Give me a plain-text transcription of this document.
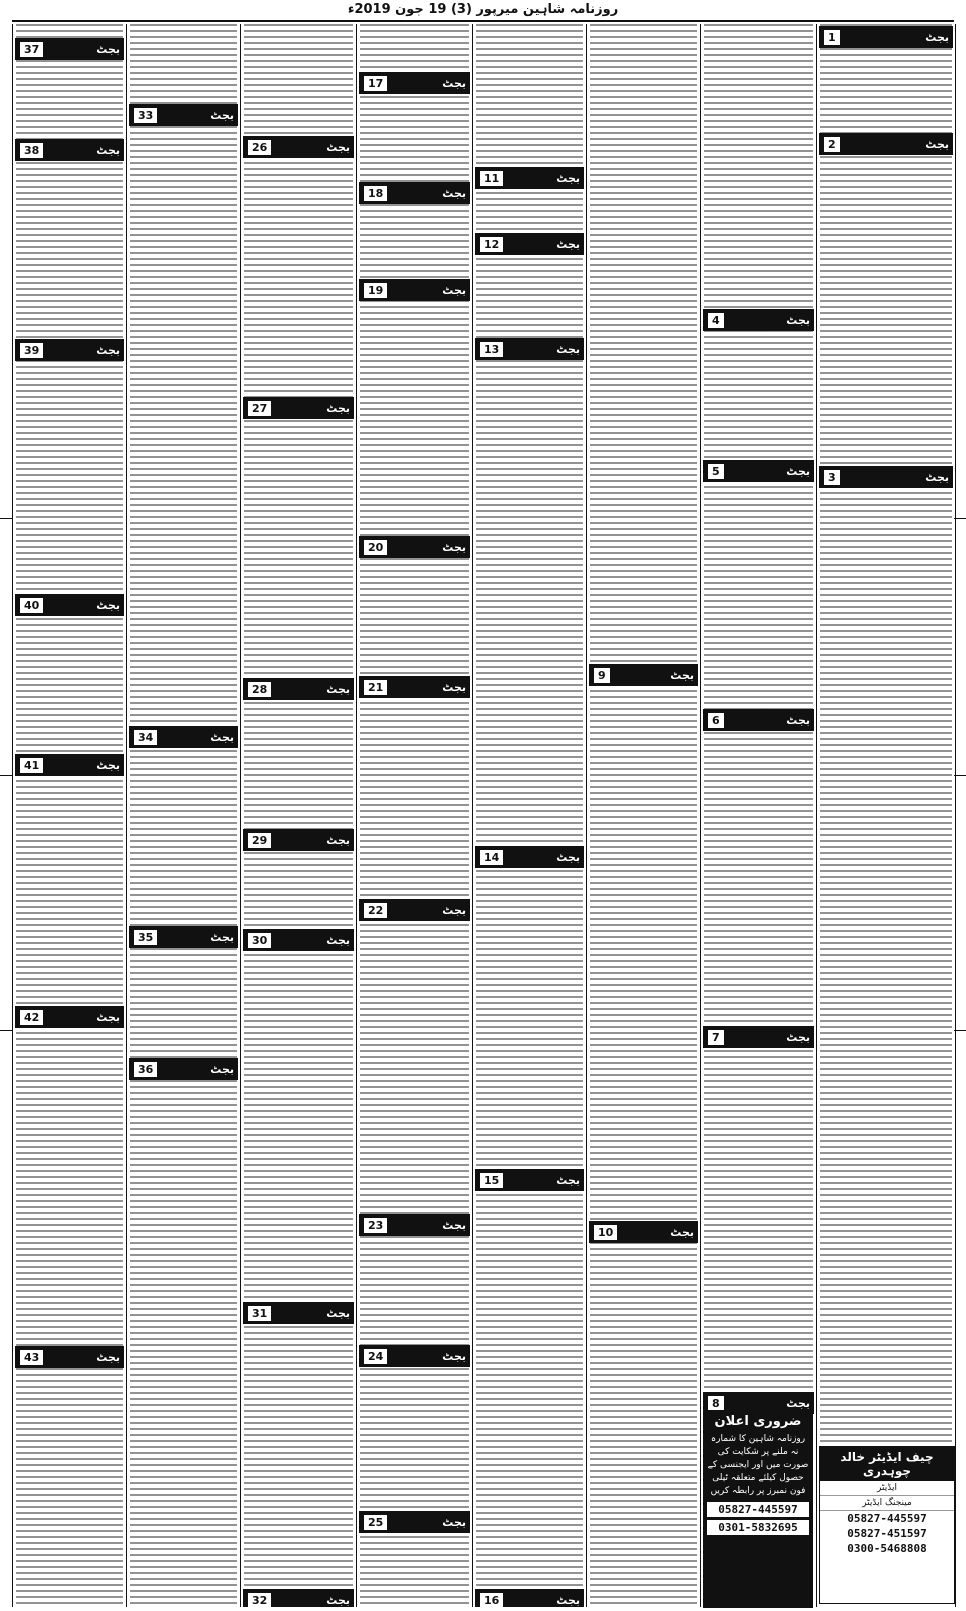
روزنامہ شاہین میرپور (3) 19 جون 2019ء
37	بجٹ
38	بجٹ
39	بجٹ
40	بجٹ
41	بجٹ
42	بجٹ
43	بجٹ
33	بجٹ
34	بجٹ
35	بجٹ
36	بجٹ
26	بجٹ
27	بجٹ
28	بجٹ
29	بجٹ
30	بجٹ
31	بجٹ
32	بجٹ
17	بجٹ
18	بجٹ
19	بجٹ
20	بجٹ
21	بجٹ
22	بجٹ
23	بجٹ
24	بجٹ
25	بجٹ
11	بجٹ
12	بجٹ
13	بجٹ
14	بجٹ
15	بجٹ
16	بجٹ
9	بجٹ
10	بجٹ
4	بجٹ
5	بجٹ
6	بجٹ
7	بجٹ
8	بجٹ
1	بجٹ
2	بجٹ
3	بجٹ
چیف ایڈیٹر خالد چوہدری
ایڈیٹر
مینجنگ ایڈیٹر
05827-445597
05827-451597
0300-5468808
ضروری اعلان
روزنامہ شاہین کا شمارہ نہ ملنے پر شکایت کی صورت میں اور ایجنسی کے حصول کیلئے متعلقہ ٹیلی فون نمبرز پر رابطہ کریں
05827-445597
0301-5832695
